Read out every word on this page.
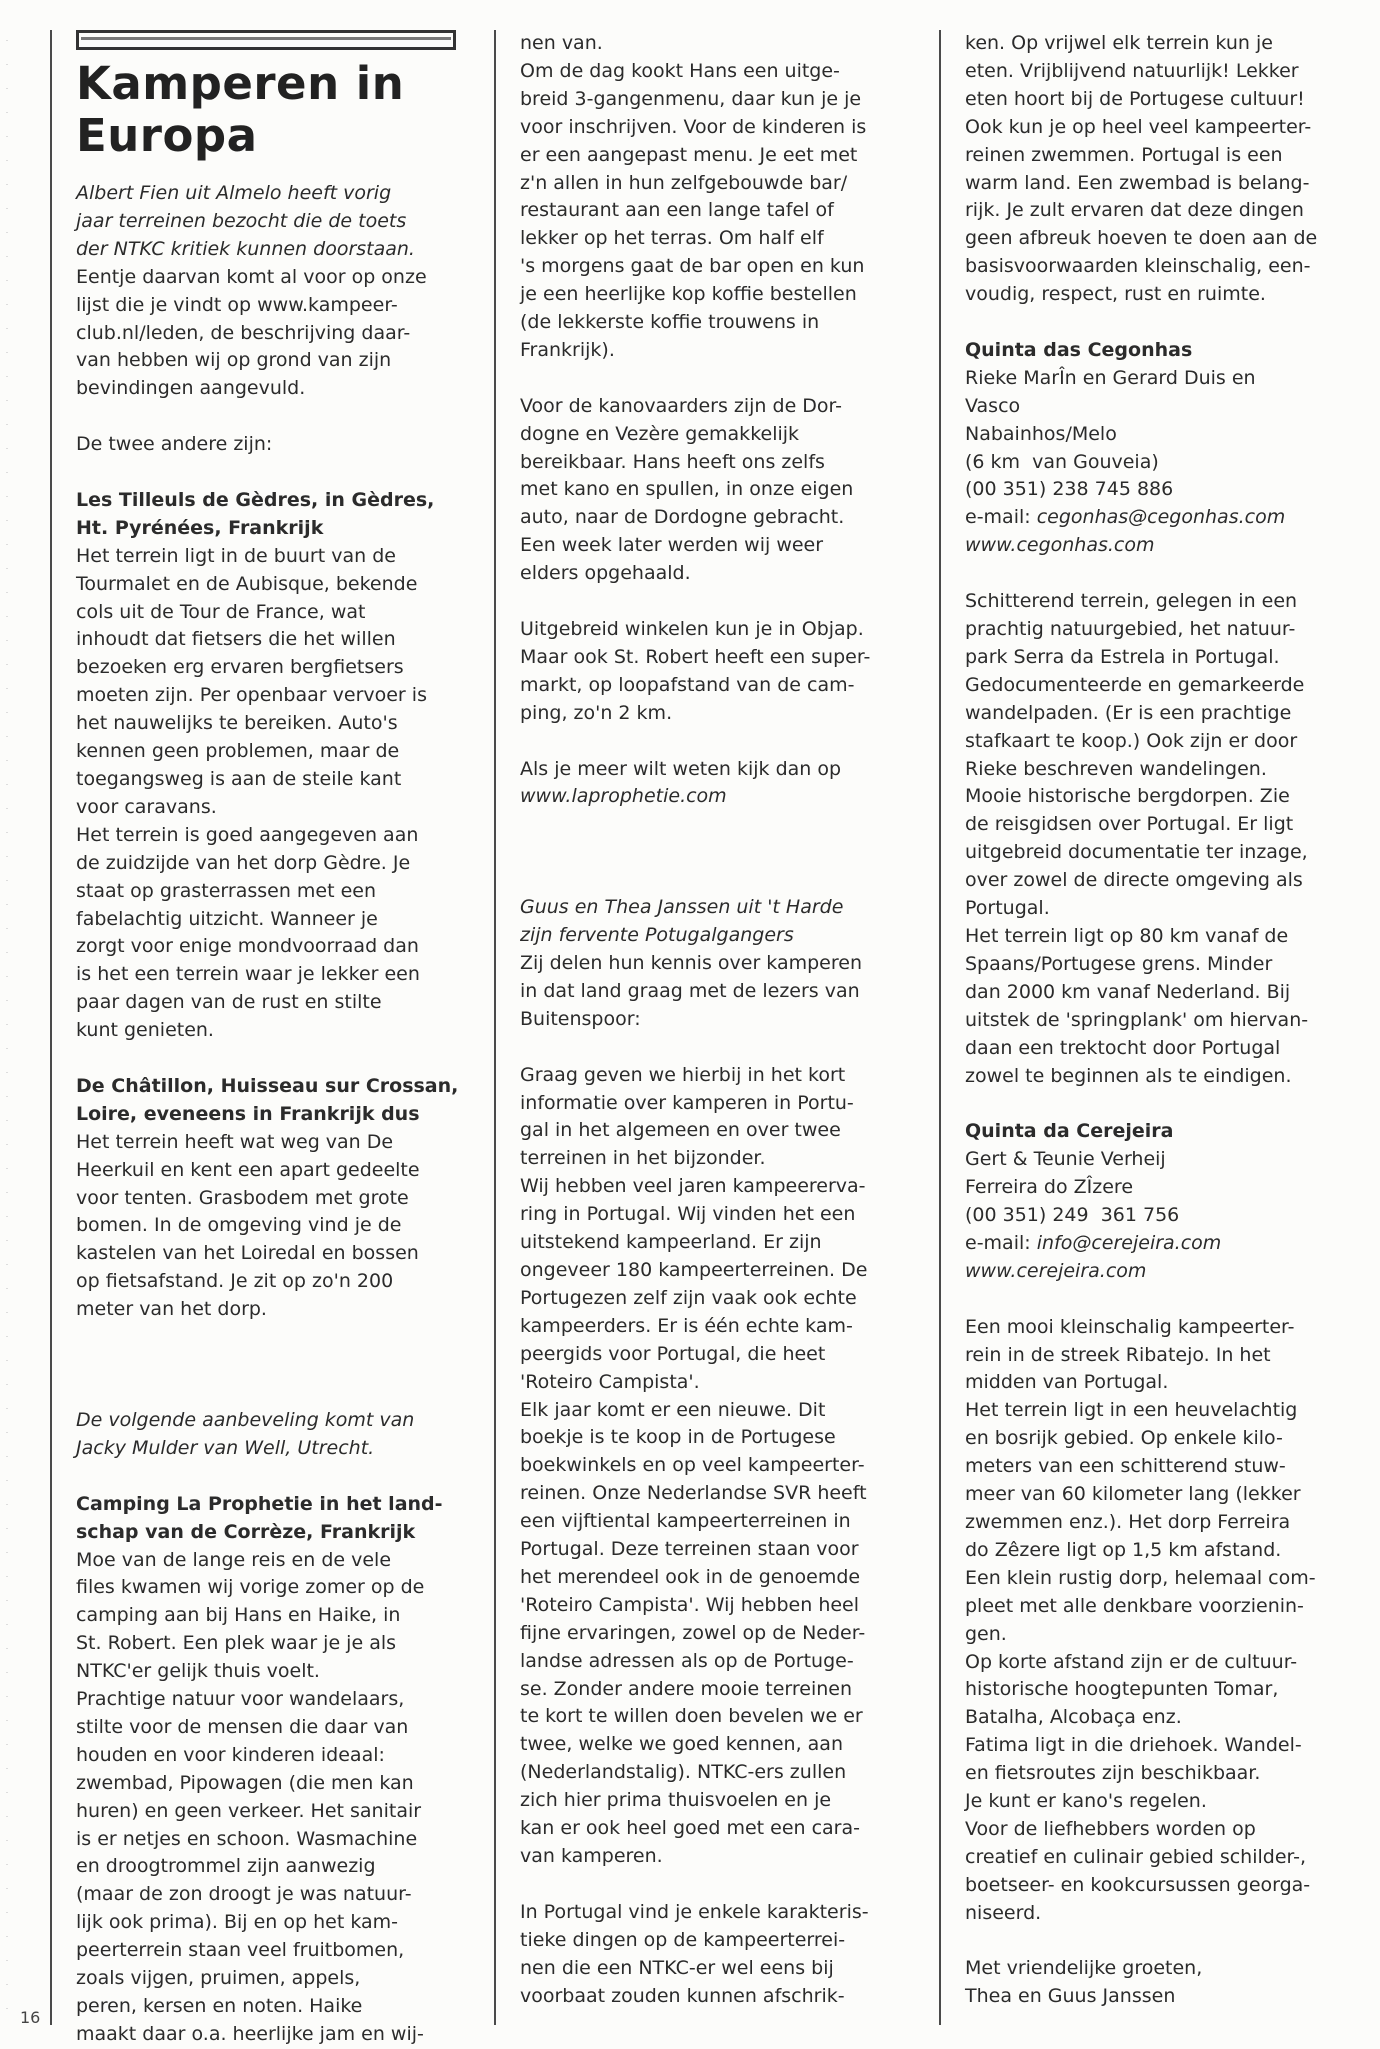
Kamperen in Europa
Albert Fien uit Almelo heeft vorig
jaar terreinen bezocht die de toets
der NTKC kritiek kunnen doorstaan.
Eentje daarvan komt al voor op onze
lijst die je vindt op www.kampeer-
club.nl/leden, de beschrijving daar-
van hebben wij op grond van zijn
bevindingen aangevuld.
De twee andere zijn:
Les Tilleuls de Gèdres, in Gèdres,
Ht. Pyrénées, Frankrijk
Het terrein ligt in de buurt van de
Tourmalet en de Aubisque, bekende
cols uit de Tour de France, wat
inhoudt dat fietsers die het willen
bezoeken erg ervaren bergfietsers
moeten zijn. Per openbaar vervoer is
het nauwelijks te bereiken. Auto's
kennen geen problemen, maar de
toegangsweg is aan de steile kant
voor caravans.
Het terrein is goed aangegeven aan
de zuidzijde van het dorp Gèdre. Je
staat op grasterrassen met een
fabelachtig uitzicht. Wanneer je
zorgt voor enige mondvoorraad dan
is het een terrein waar je lekker een
paar dagen van de rust en stilte
kunt genieten.
De Châtillon, Huisseau sur Crossan,
Loire, eveneens in Frankrijk dus
Het terrein heeft wat weg van De
Heerkuil en kent een apart gedeelte
voor tenten. Grasbodem met grote
bomen. In de omgeving vind je de
kastelen van het Loiredal en bossen
op fietsafstand. Je zit op zo'n 200
meter van het dorp.
De volgende aanbeveling komt van
Jacky Mulder van Well, Utrecht.
Camping La Prophetie in het land-
schap van de Corrèze, Frankrijk
Moe van de lange reis en de vele
files kwamen wij vorige zomer op de
camping aan bij Hans en Haike, in
St. Robert. Een plek waar je je als
NTKC'er gelijk thuis voelt.
Prachtige natuur voor wandelaars,
stilte voor de mensen die daar van
houden en voor kinderen ideaal:
zwembad, Pipowagen (die men kan
huren) en geen verkeer. Het sanitair
is er netjes en schoon. Wasmachine
en droogtrommel zijn aanwezig
(maar de zon droogt je was natuur-
lijk ook prima). Bij en op het kam-
peerterrein staan veel fruitbomen,
zoals vijgen, pruimen, appels,
peren, kersen en noten. Haike
maakt daar o.a. heerlijke jam en wij-
nen van.
Om de dag kookt Hans een uitge-
breid 3-gangenmenu, daar kun je je
voor inschrijven. Voor de kinderen is
er een aangepast menu. Je eet met
z'n allen in hun zelfgebouwde bar/
restaurant aan een lange tafel of
lekker op het terras. Om half elf
's morgens gaat de bar open en kun
je een heerlijke kop koffie bestellen
(de lekkerste koffie trouwens in
Frankrijk).
Voor de kanovaarders zijn de Dor-
dogne en Vezère gemakkelijk
bereikbaar. Hans heeft ons zelfs
met kano en spullen, in onze eigen
auto, naar de Dordogne gebracht.
Een week later werden wij weer
elders opgehaald.
Uitgebreid winkelen kun je in Objap.
Maar ook St. Robert heeft een super-
markt, op loopafstand van de cam-
ping, zo'n 2 km.
Als je meer wilt weten kijk dan op
www.laprophetie.com
Guus en Thea Janssen uit 't Harde
zijn fervente Potugalgangers
Zij delen hun kennis over kamperen
in dat land graag met de lezers van
Buitenspoor:
Graag geven we hierbij in het kort
informatie over kamperen in Portu-
gal in het algemeen en over twee
terreinen in het bijzonder.
Wij hebben veel jaren kampeererva-
ring in Portugal. Wij vinden het een
uitstekend kampeerland. Er zijn
ongeveer 180 kampeerterreinen. De
Portugezen zelf zijn vaak ook echte
kampeerders. Er is één echte kam-
peergids voor Portugal, die heet
'Roteiro Campista'.
Elk jaar komt er een nieuwe. Dit
boekje is te koop in de Portugese
boekwinkels en op veel kampeerter-
reinen. Onze Nederlandse SVR heeft
een vijftiental kampeerterreinen in
Portugal. Deze terreinen staan voor
het merendeel ook in de genoemde
'Roteiro Campista'. Wij hebben heel
fijne ervaringen, zowel op de Neder-
landse adressen als op de Portuge-
se. Zonder andere mooie terreinen
te kort te willen doen bevelen we er
twee, welke we goed kennen, aan
(Nederlandstalig). NTKC-ers zullen
zich hier prima thuisvoelen en je
kan er ook heel goed met een cara-
van kamperen.
In Portugal vind je enkele karakteris-
tieke dingen op de kampeerterrei-
nen die een NTKC-er wel eens bij
voorbaat zouden kunnen afschrik-
ken. Op vrijwel elk terrein kun je
eten. Vrijblijvend natuurlijk! Lekker
eten hoort bij de Portugese cultuur!
Ook kun je op heel veel kampeerter-
reinen zwemmen. Portugal is een
warm land. Een zwembad is belang-
rijk. Je zult ervaren dat deze dingen
geen afbreuk hoeven te doen aan de
basisvoorwaarden kleinschalig, een-
voudig, respect, rust en ruimte.
Quinta das Cegonhas
Rieke MarÎn en Gerard Duis en
Vasco
Nabainhos/Melo
(6 km  van Gouveia)
(00 351) 238 745 886
e-mail: cegonhas@cegonhas.com
www.cegonhas.com
Schitterend terrein, gelegen in een
prachtig natuurgebied, het natuur-
park Serra da Estrela in Portugal.
Gedocumenteerde en gemarkeerde
wandelpaden. (Er is een prachtige
stafkaart te koop.) Ook zijn er door
Rieke beschreven wandelingen.
Mooie historische bergdorpen. Zie
de reisgidsen over Portugal. Er ligt
uitgebreid documentatie ter inzage,
over zowel de directe omgeving als
Portugal.
Het terrein ligt op 80 km vanaf de
Spaans/Portugese grens. Minder
dan 2000 km vanaf Nederland. Bij
uitstek de 'springplank' om hiervan-
daan een trektocht door Portugal
zowel te beginnen als te eindigen.
Quinta da Cerejeira
Gert & Teunie Verheij
Ferreira do ZÎzere
(00 351) 249  361 756
e-mail: info@cerejeira.com
www.cerejeira.com
Een mooi kleinschalig kampeerter-
rein in de streek Ribatejo. In het
midden van Portugal.
Het terrein ligt in een heuvelachtig
en bosrijk gebied. Op enkele kilo-
meters van een schitterend stuw-
meer van 60 kilometer lang (lekker
zwemmen enz.). Het dorp Ferreira
do Zêzere ligt op 1,5 km afstand.
Een klein rustig dorp, helemaal com-
pleet met alle denkbare voorzienin-
gen.
Op korte afstand zijn er de cultuur-
historische hoogtepunten Tomar,
Batalha, Alcobaça enz.
Fatima ligt in die driehoek. Wandel-
en fietsroutes zijn beschikbaar.
Je kunt er kano's regelen.
Voor de liefhebbers worden op
creatief en culinair gebied schilder-,
boetseer- en kookcursussen georga-
niseerd.
Met vriendelijke groeten,
Thea en Guus Janssen
16
